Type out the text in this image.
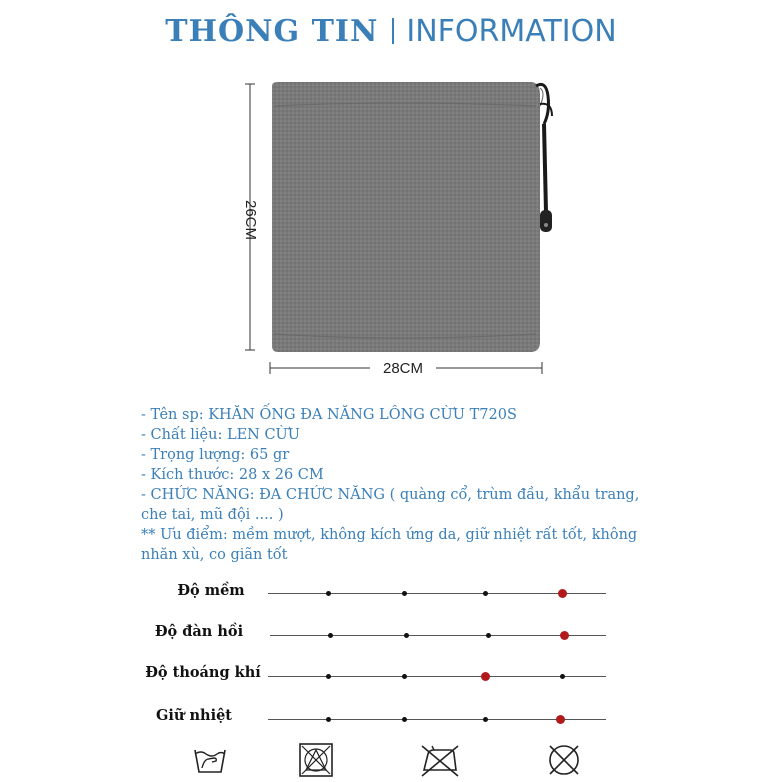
THÔNG TIN INFORMATION
26CM
28CM
- Tên sp: KHĂN ỐNG ĐA NĂNG LÔNG CỪU T720S
- Chất liệu: LEN CỪU
- Trọng lượng: 65 gr
- Kích thước: 28 x 26 CM
- CHỨC NĂNG: ĐA CHỨC NĂNG ( quàng cổ, trùm đầu, khẩu trang, che tai, mũ đội .... )
** Ưu điểm: mềm mượt, không kích ứng da, giữ nhiệt rất tốt, không nhăn xù, co giãn tốt
Độ mềm
Độ đàn hồi
Độ thoáng khí
Giữ nhiệt
